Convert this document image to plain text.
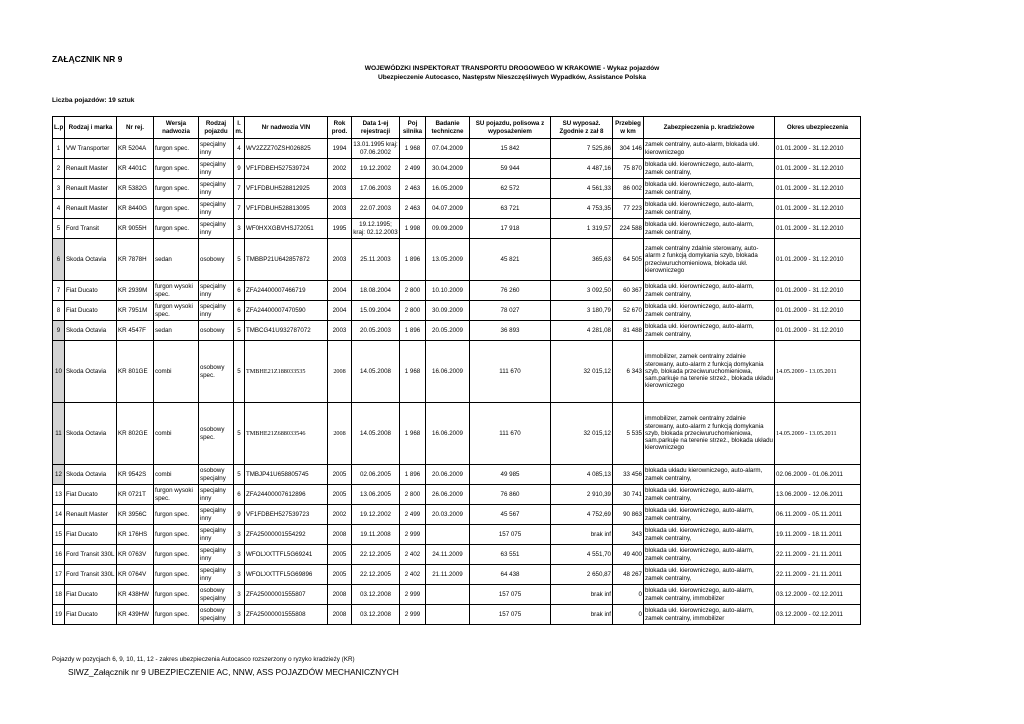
ZAŁĄCZNIK NR 9
WOJEWÓDZKI INSPEKTORAT TRANSPORTU DROGOWEGO W KRAKOWIE - Wykaz pojazdów
Ubezpieczenie Autocasco, Następstw Nieszczęśliwych Wypadków, Assistance Polska
Liczba pojazdów: 19 sztuk
L.p	Rodzaj i marka	Nr rej.	Wersja nadwozia	Rodzaj pojazdu	l. m.	Nr nadwozia VIN	Rok prod.	Data 1-ej rejestracji	Poj silnika	Badanie techniczne	SU pojazdu, polisowa z wyposażeniem	SU wyposaż. Zgodnie z zał 8	Przebieg w km	Zabezpieczenia p. kradzieżowe	Okres ubezpieczenia
1	VW Transporter	KR 5204A	furgon spec.	specjalny inny	4	WV2ZZZ70ZSH026825	1994	13.01.1995 kraj: 07.06.2002	1 968	07.04.2009	15 842	7 525,86	304 146	zamek centralny, auto-alarm, blokada ukł. kierowniczego	01.01.2009 - 31.12.2010
2	Renault Master	KR 4401C	furgon spec.	specjalny inny	9	VF1FDBEH527539724	2002	19.12.2002	2 499	30.04.2009	59 944	4 487,16	75 870	blokada ukł. kierowniczego, auto-alarm, zamek centralny,	01.01.2009 - 31.12.2010
3	Renault Master	KR 5382G	furgon spec.	specjalny inny	7	VF1FDBUH528812925	2003	17.06.2003	2 463	16.05.2009	62 572	4 561,33	86 002	blokada ukł. kierowniczego, auto-alarm, zamek centralny,	01.01.2009 - 31.12.2010
4	Renault Master	KR 8440G	furgon spec.	specjalny inny	7	VF1FDBUH528813095	2003	22.07.2003	2 463	04.07.2009	63 721	4 753,35	77 223	blokada ukł. kierowniczego, auto-alarm, zamek centralny,	01.01.2009 - 31.12.2010
5	Ford Transit	KR 9055H	furgon spec.	specjalny inny	3	WF0HXXGBVHSJ72051	1995	19.12.1995; kraj: 02.12.2003	1 998	09.09.2009	17 918	1 319,57	224 588	blokada ukł. kierowniczego, auto-alarm, zamek centralny,	01.01.2009 - 31.12.2010
6	Skoda Octavia	KR 7878H	sedan	osobowy	5	TMBBP21U642857872	2003	25.11.2003	1 896	13.05.2009	45 821	365,63	64 505	zamek centralny zdalnie sterowany, auto-alarm z funkcją domykania szyb, blokada przeciwuruchomieniowa, blokada ukł. kierowniczego	01.01.2009 - 31.12.2010
7	Fiat Ducato	KR 2939M	furgon wysoki spec.	specjalny inny	6	ZFA24400007466719	2004	18.08.2004	2 800	10.10.2009	76 260	3 092,50	60 367	blokada ukł. kierowniczego, auto-alarm, zamek centralny,	01.01.2009 - 31.12.2010
8	Fiat Ducato	KR 7951M	furgon wysoki spec.	specjalny inny	6	ZFA24400007470590	2004	15.09.2004	2 800	30.09.2009	78 027	3 180,79	52 670	blokada ukł. kierowniczego, auto-alarm, zamek centralny,	01.01.2009 - 31.12.2010
9	Skoda Octavia	KR 4547F	sedan	osobowy	5	TMBCG41U932787072	2003	20.05.2003	1 896	20.05.2009	36 893	4 281,08	81 488	blokada ukł. kierowniczego, auto-alarm, zamek centralny,	01.01.2009 - 31.12.2010
10	Skoda Octavia	KR 801GE	combi	osobowy spec.	5	TMBHE21Z188033535	2008	14.05.2008	1 968	16.06.2009	111 670	32 015,12	6 343	immobilizer, zamek centralny zdalnie sterowany, auto-alarm z funkcją domykania szyb, blokada przeciwuruchomieniowa, sam.parkuje na terenie strzeż., blokada układu kierowniczego	14.05.2009 - 13.05.2011
11	Skoda Octavia	KR 802GE	combi	osobowy spec.	5	TMBHE21Z688033546	2008	14.05.2008	1 968	16.06.2009	111 670	32 015,12	5 535	immobilizer, zamek centralny zdalnie sterowany, auto-alarm z funkcją domykania szyb, blokada przeciwuruchomieniowa, sam.parkuje na terenie strzeż., blokada układu kierowniczego	14.05.2009 - 13.05.2011
12	Skoda Octavia	KR 9542S	combi	osobowy specjalny	5	TMBJP41U658805745	2005	02.06.2005	1 896	20.06.2009	49 985	4 085,13	33 456	blokada układu kierowniczego, auto-alarm, zamek centralny,	02.06.2009 - 01.06.2011
13	Fiat Ducato	KR 0721T	furgon wysoki spec.	specjalny inny	6	ZFA24400007612896	2005	13.06.2005	2 800	26.06.2009	76 860	2 910,39	30 741	blokada ukł. kierowniczego, auto-alarm, zamek centralny,	13.06.2009 - 12.06.2011
14	Renault Master	KR 3956C	furgon spec.	specjalny inny	9	VF1FDBEH527539723	2002	19.12.2002	2 499	20.03.2009	45 567	4 752,69	90 863	blokada ukł. kierowniczego, auto-alarm, zamek centralny,	06.11.2009 - 05.11.2011
15	Fiat Ducato	KR 176HS	furgon spec.	specjalny inny	3	ZFA25000001554292	2008	19.11.2008	2 999		157 075	brak inf	343	blokada ukł. kierowniczego, auto-alarm, zamek centralny,	19.11.2009 - 18.11.2011
16	Ford Transit 330L	KR 0763V	furgon spec.	specjalny inny	3	WFOLXXTTFL5G69241	2005	22.12.2005	2 402	24.11.2009	63 551	4 551,70	49 400	blokada ukł. kierowniczego, auto-alarm, zamek centralny,	22.11.2009 - 21.11.2011
17	Ford Transit 330L	KR 0764V	furgon spec.	specjalny inny	3	WFOLXXTTFL5G69896	2005	22.12.2005	2 402	21.11.2009	64 438	2 650,87	48 267	blokada ukł. kierowniczego, auto-alarm, zamek centralny,	22.11.2009 - 21.11.2011
18	Fiat Ducato	KR 438HW	furgon spec.	osobowy specjalny	3	ZFA25000001555807	2008	03.12.2008	2 999		157 075	brak inf	0	blokada ukł. kierowniczego, auto-alarm, zamek centralny, immobilizer	03.12.2009 - 02.12.2011
19	Fiat Ducato	KR 439HW	furgon spec.	osobowy specjalny	3	ZFA25000001555808	2008	03.12.2008	2 999		157 075	brak inf	0	blokada ukł. kierowniczego, auto-alarm, zamek centralny, immobilizer	03.12.2009 - 02.12.2011
Pojazdy w pozycjach 6, 9, 10, 11, 12 - zakres ubezpieczenia Autocasco rozszerzony o ryzyko kradzieży (KR)
SIWZ_Załącznik nr 9 UBEZPIECZENIE AC, NNW, ASS POJAZDÓW MECHANICZNYCH
